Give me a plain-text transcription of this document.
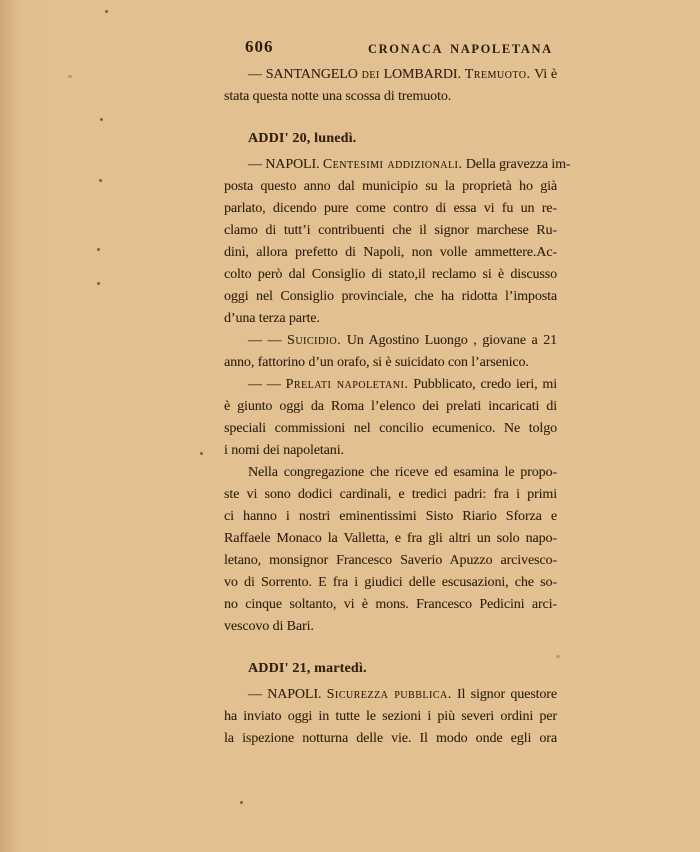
606	CRONACA NAPOLETANA
— SANTANGELO dei LOMBARDI. Tremuoto. Vi è
stata questa notte una scossa di tremuoto.
ADDI' 20, lunedì.
— NAPOLI. Centesimi addizionali. Della gravezza im-
posta questo anno dal municipio su la proprietà ho già
parlato, dicendo pure come contro di essa vi fu un re-
clamo di tutt’i contribuenti che il signor marchese Ru-
dinì, allora prefetto di Napoli, non volle ammettere.Ac-
colto però dal Consiglio di stato,il reclamo si è discusso
oggi nel Consiglio provinciale, che ha ridotta l’imposta
d’una terza parte.
— — Suicidio. Un Agostino Luongo , giovane a 21
anno, fattorino d’un orafo, si è suicidato con l’arsenico.
— — Prelati napoletani. Pubblicato, credo ieri, mi
è giunto oggi da Roma l’elenco dei prelati incaricati di
speciali commissioni nel concilio ecumenico. Ne tolgo
i nomi dei napoletani.
Nella congregazione che riceve ed esamina le propo-
ste vi sono dodici cardinali, e tredici padri: fra i primi
ci hanno i nostri eminentissimi Sisto Riario Sforza e
Raffaele Monaco la Valletta, e fra gli altri un solo napo-
letano, monsignor Francesco Saverio Apuzzo arcivesco-
vo di Sorrento. E fra i giudici delle escusazioni, che so-
no cinque soltanto, vi è mons. Francesco Pedicini arci-
vescovo di Bari.
ADDI' 21, martedì.
— NAPOLI. Sicurezza pubblica. Il signor questore
ha inviato oggi in tutte le sezioni i più severi ordini per
la ispezione notturna delle vie. Il modo onde egli ora
